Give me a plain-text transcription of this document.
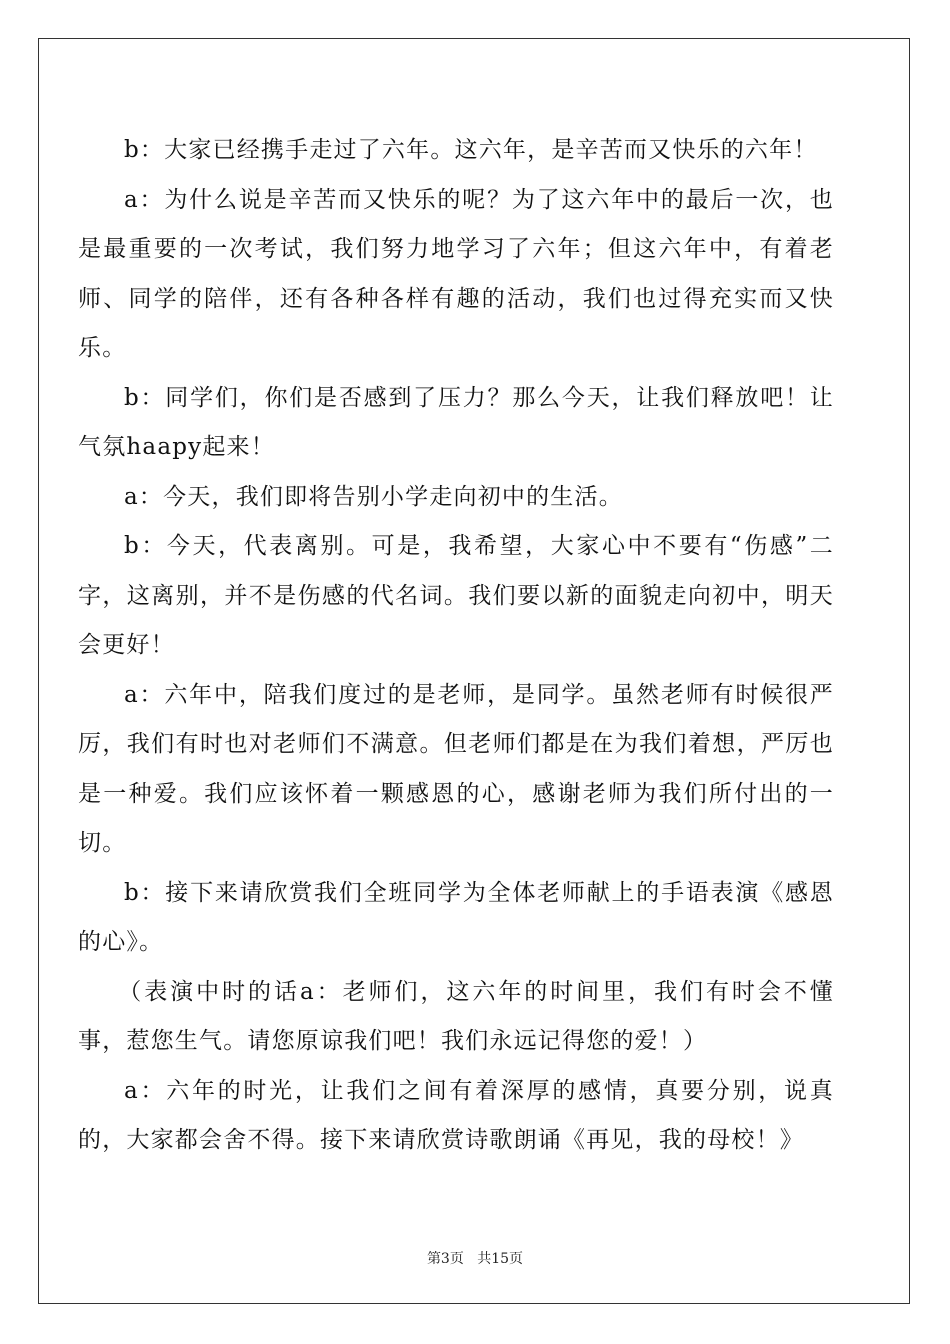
b：大家已经携手走过了六年。这六年，是辛苦而又快乐的六年！

a：为什么说是辛苦而又快乐的呢？为了这六年中的最后一次，也是最重要的一次考试，我们努力地学习了六年；但这六年中，有着老师、同学的陪伴，还有各种各样有趣的活动，我们也过得充实而又快乐。

b：同学们，你们是否感到了压力？那么今天，让我们释放吧！让气氛haapy起来！

a：今天，我们即将告别小学走向初中的生活。

b：今天，代表离别。可是，我希望，大家心中不要有“伤感”二字，这离别，并不是伤感的代名词。我们要以新的面貌走向初中，明天会更好！

a：六年中，陪我们度过的是老师，是同学。虽然老师有时候很严厉，我们有时也对老师们不满意。但老师们都是在为我们着想，严厉也是一种爱。我们应该怀着一颗感恩的心，感谢老师为我们所付出的一切。

b：接下来请欣赏我们全班同学为全体老师献上的手语表演《感恩的心》。

（表演中时的话a：老师们，这六年的时间里，我们有时会不懂事，惹您生气。请您原谅我们吧！我们永远记得您的爱！）

a：六年的时光，让我们之间有着深厚的感情，真要分别，说真的，大家都会舍不得。接下来请欣赏诗歌朗诵《再见，我的母校！》

第3页 共15页
